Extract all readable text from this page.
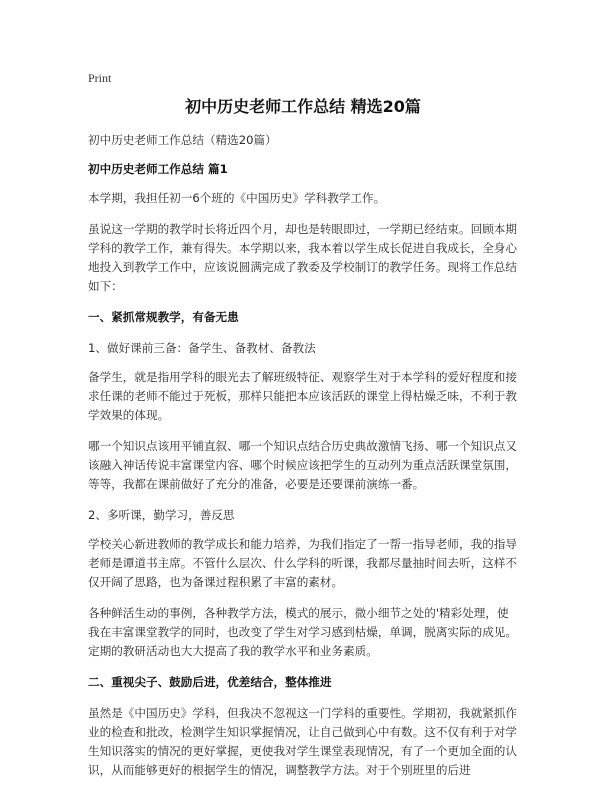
Print
初中历史老师工作总结 精选20篇

初中历史老师工作总结（精选20篇）

初中历史老师工作总结 篇1

本学期，我担任初一6个班的《中国历史》学科教学工作。

虽说这一学期的教学时长将近四个月，却也是转眼即过，一学期已经结束。回顾本期学科的教学工作，兼有得失。本学期以来，我本着以学生成长促进自我成长，全身心地投入到教学工作中，应该说圆满完成了教委及学校制订的教学任务。现将工作总结如下：

一、紧抓常规教学，有备无患

1、做好课前三备：备学生、备教材、备教法

备学生，就是指用学科的眼光去了解班级特征、观察学生对于本学科的爱好程度和接求任课的老师不能过于死板，那样只能把本应该活跃的课堂上得枯燥乏味，不利于教学效果的体现。

哪一个知识点该用平铺直叙、哪一个知识点结合历史典故激情飞扬、哪一个知识点又该融入神话传说丰富课堂内容、哪个时候应该把学生的互动列为重点活跃课堂氛围，等等，我都在课前做好了充分的准备，必要是还要课前演练一番。

2、多听课，勤学习，善反思

学校关心新进教师的教学成长和能力培养，为我们指定了一帮一指导老师，我的指导老师是谭道书主席。不管什么层次、什么学科的听课，我都尽量抽时间去听，这样不仅开阔了思路，也为备课过程积累了丰富的素材。

各种鲜活生动的事例，各种教学方法，模式的展示，微小细节之处的'精彩处理，使我在丰富课堂教学的同时，也改变了学生对学习感到枯燥，单调，脱离实际的成见。定期的教研活动也大大提高了我的教学水平和业务素质。

二、重视尖子、鼓励后进，优差结合，整体推进

虽然是《中国历史》学科，但我决不忽视这一门学科的重要性。学期初，我就紧抓作业的检查和批改，检测学生知识掌握情况，让自己做到心中有数。这不仅有利于对学生知识落实的情况的更好掌握，更使我对学生课堂表现情况，有了一个更加全面的认识，从而能够更好的根据学生的情况，调整教学方法。对于个别班里的后进
